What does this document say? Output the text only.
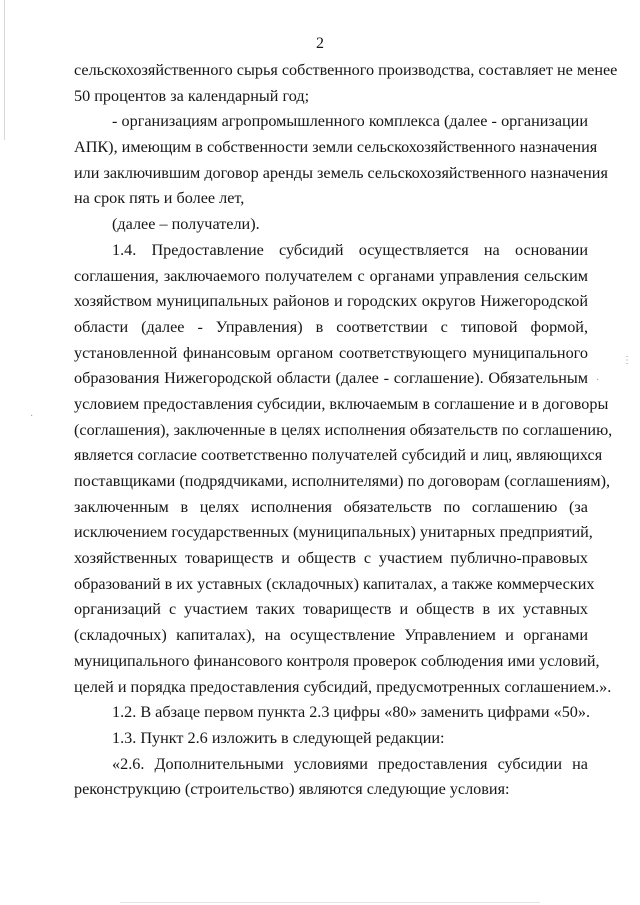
2
сельскохозяйственного сырья собственного производства, составляет не менее
50 процентов за календарный год;
- организациям агропромышленного комплекса (далее - организации
АПК), имеющим в собственности земли сельскохозяйственного назначения
или заключившим договор аренды земель сельскохозяйственного назначения
на срок пять и более лет,
(далее – получатели).
1.4. Предоставление субсидий осуществляется на основании
соглашения, заключаемого получателем с органами управления сельским
хозяйством муниципальных районов и городских округов Нижегородской
области (далее - Управления) в соответствии с типовой формой,
установленной финансовым органом соответствующего муниципального
образования Нижегородской области (далее - соглашение). Обязательным
условием предоставления субсидии, включаемым в соглашение и в договоры
(соглашения), заключенные в целях исполнения обязательств по соглашению,
является согласие соответственно получателей субсидий и лиц, являющихся
поставщиками (подрядчиками, исполнителями) по договорам (соглашениям),
заключенным в целях исполнения обязательств по соглашению (за
исключением государственных (муниципальных) унитарных предприятий,
хозяйственных товариществ и обществ с участием публично-правовых
образований в их уставных (складочных) капиталах, а также коммерческих
организаций с участием таких товариществ и обществ в их уставных
(складочных) капиталах), на осуществление Управлением и органами
муниципального финансового контроля проверок соблюдения ими условий,
целей и порядка предоставления субсидий, предусмотренных соглашением.».
1.2. В абзаце первом пункта 2.3 цифры «80» заменить цифрами «50».
1.3. Пункт 2.6 изложить в следующей редакции:
«2.6. Дополнительными условиями предоставления субсидии на
реконструкцию (строительство) являются следующие условия:
⋮
·
·
